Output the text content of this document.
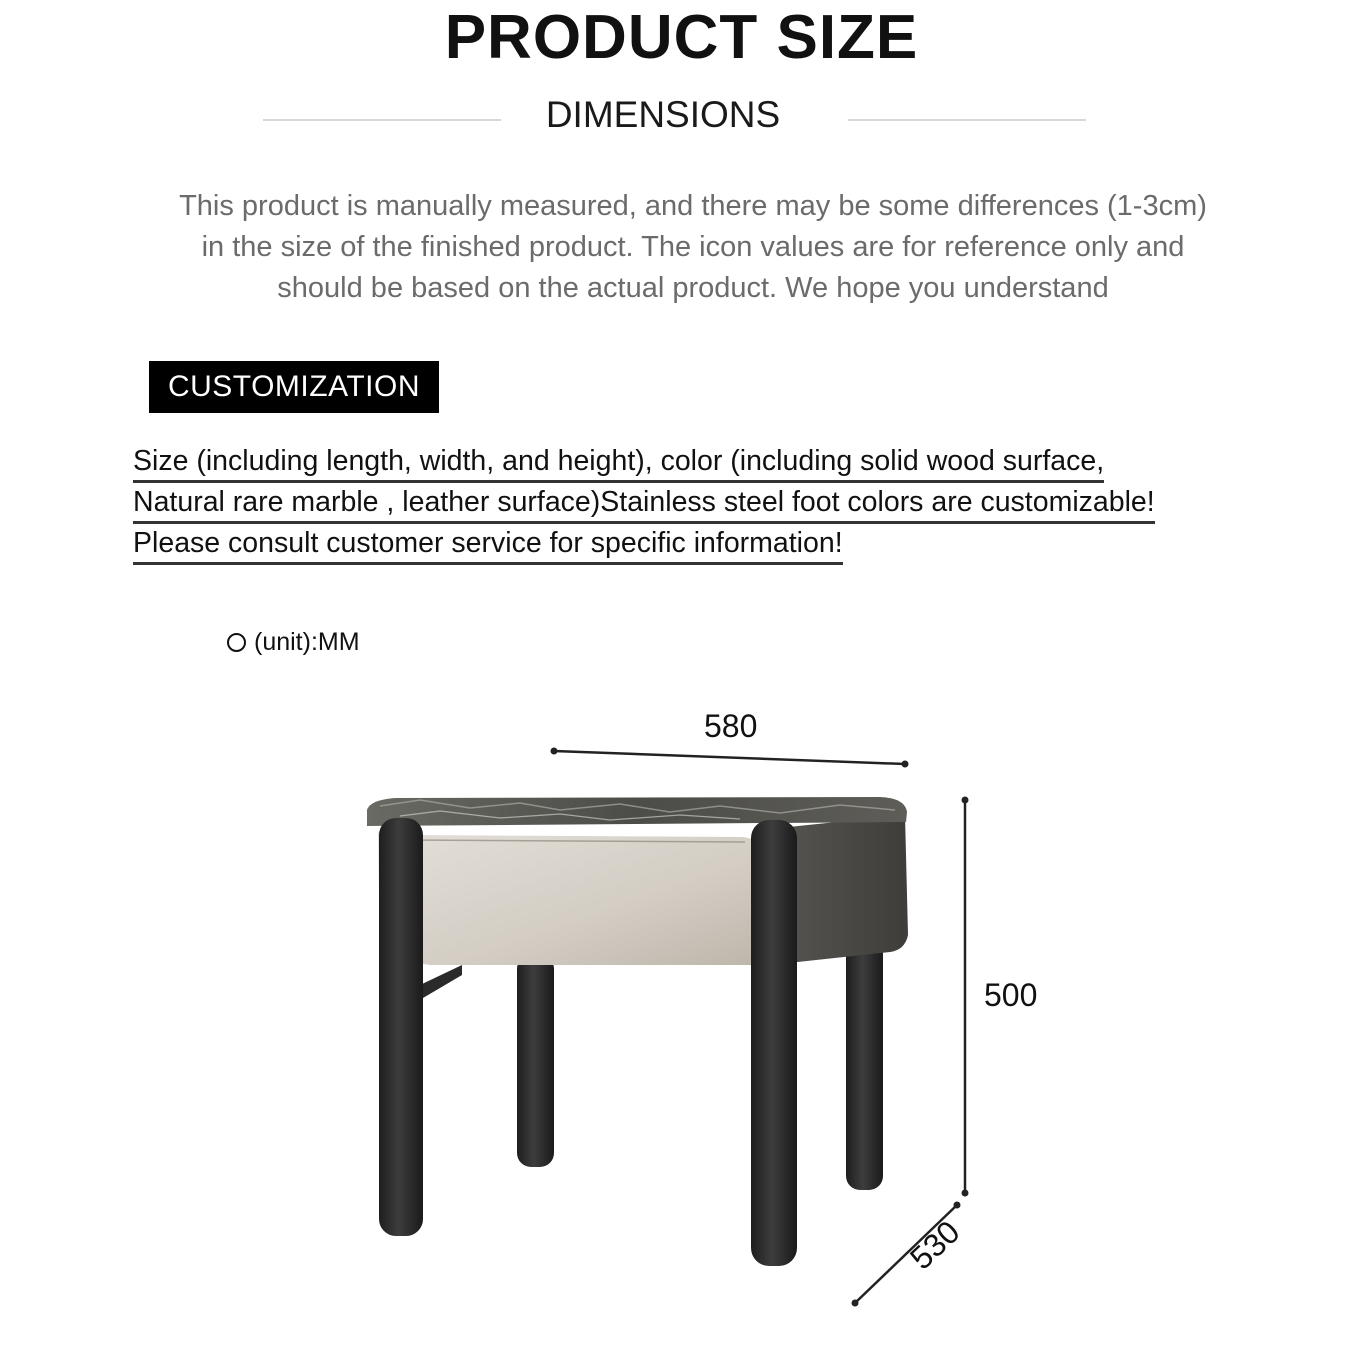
PRODUCT SIZE
DIMENSIONS

This product is manually measured, and there may be some differences (1-3cm)
in the size of the finished product. The icon values are for reference only and
should be based on the actual product. We hope you understand

CUSTOMIZATION
Size (including length, width, and height), color (including solid wood surface,
Natural rare marble , leather surface)Stainless steel foot colors are customizable!
Please consult customer service for specific information!
(unit):MM
580
500
530
